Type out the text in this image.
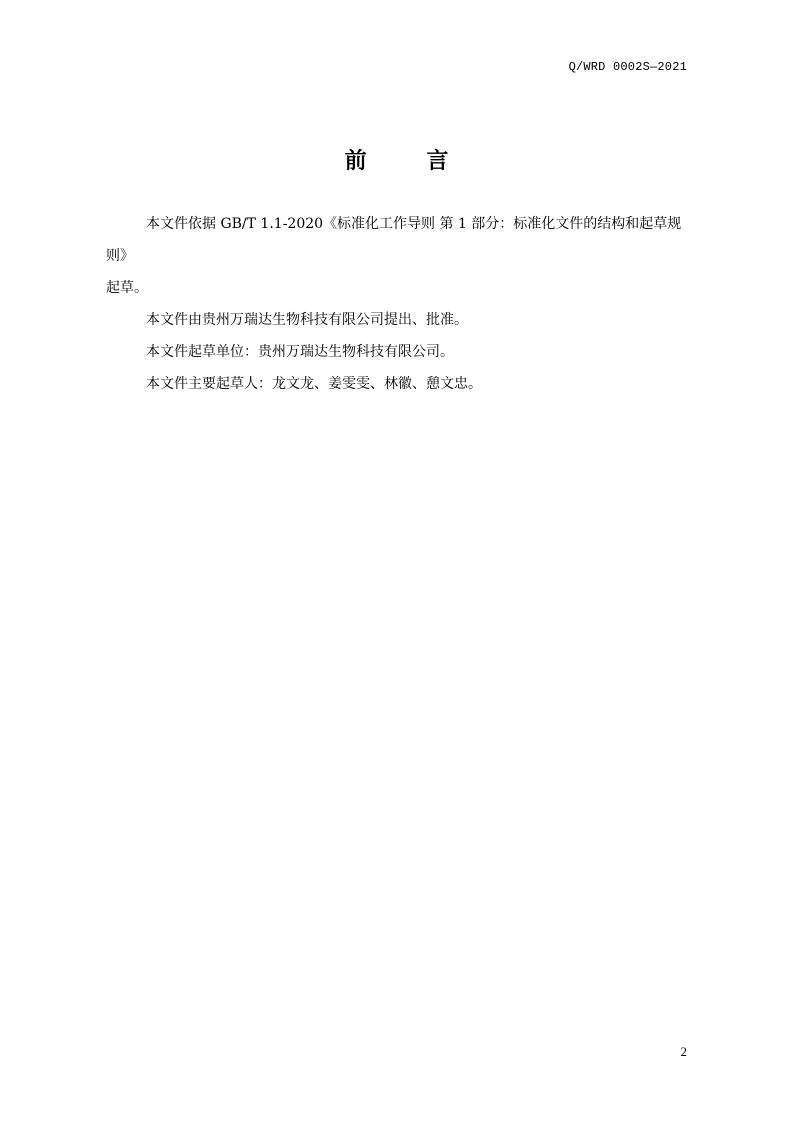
Q/WRD 0002S—2021
前 言
本文件依据 GB/T 1.1-2020《标准化工作导则 第 1 部分：标准化文件的结构和起草规则》
起草。
本文件由贵州万瑞达生物科技有限公司提出、批准。
本文件起草单位：贵州万瑞达生物科技有限公司。
本文件主要起草人：龙文龙、姜雯雯、林徽、憩文忠。
2
